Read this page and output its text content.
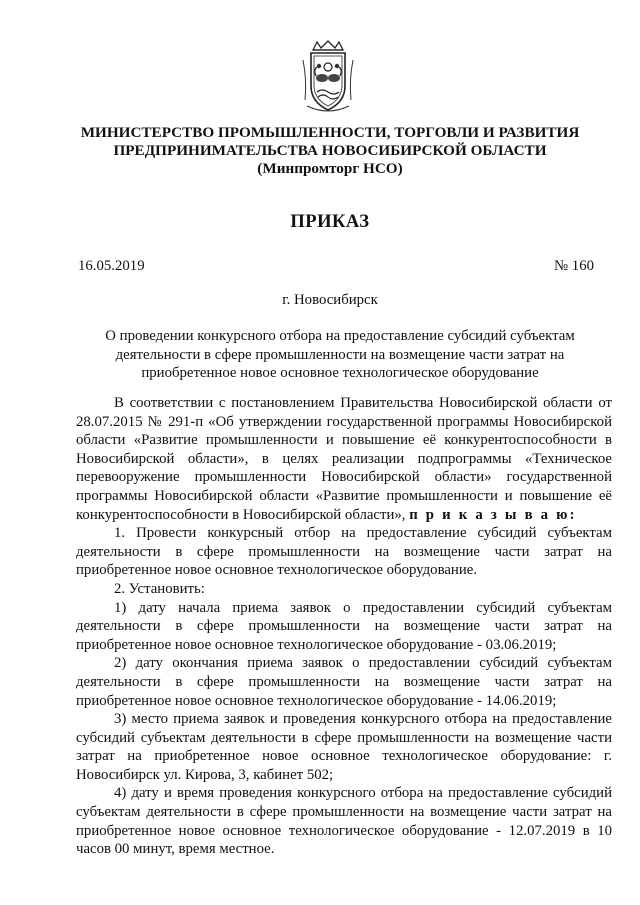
МИНИСТЕРСТВО ПРОМЫШЛЕННОСТИ, ТОРГОВЛИ И РАЗВИТИЯ
ПРЕДПРИНИМАТЕЛЬСТВА НОВОСИБИРСКОЙ ОБЛАСТИ
(Минпромторг НСО)
ПРИКАЗ
16.05.2019	№ 160
г. Новосибирск
О проведении конкурсного отбора на предоставление субсидий субъектам
деятельности в сфере промышленности на возмещение части затрат на
приобретенное новое основное технологическое оборудование

В соответствии с постановлением Правительства Новосибирской области от 28.07.2015 № 291-п «Об утверждении государственной программы Новосибирской области «Развитие промышленности и повышение её конкурентоспособности в Новосибирской области», в целях реализации подпрограммы «Техническое перевооружение промышленности Новосибирской области» государственной программы Новосибирской области «Развитие промышленности и повышение её конкурентоспособности в Новосибирской области», п р и к а з ы в а ю:

1. Провести конкурсный отбор на предоставление субсидий субъектам деятельности в сфере промышленности на возмещение части затрат на приобретенное новое основное технологическое оборудование.

2. Установить:

1) дату начала приема заявок о предоставлении субсидий субъектам деятельности в сфере промышленности на возмещение части затрат на приобретенное новое основное технологическое оборудование - 03.06.2019;

2) дату окончания приема заявок о предоставлении субсидий субъектам деятельности в сфере промышленности на возмещение части затрат на приобретенное новое основное технологическое оборудование - 14.06.2019;

3) место приема заявок и проведения конкурсного отбора на предоставление субсидий субъектам деятельности в сфере промышленности на возмещение части затрат на приобретенное новое основное технологическое оборудование: г. Новосибирск ул. Кирова, 3, кабинет 502;

4) дату и время проведения конкурсного отбора на предоставление субсидий субъектам деятельности в сфере промышленности на возмещение части затрат на приобретенное новое основное технологическое оборудование - 12.07.2019 в 10 часов 00 минут, время местное.
